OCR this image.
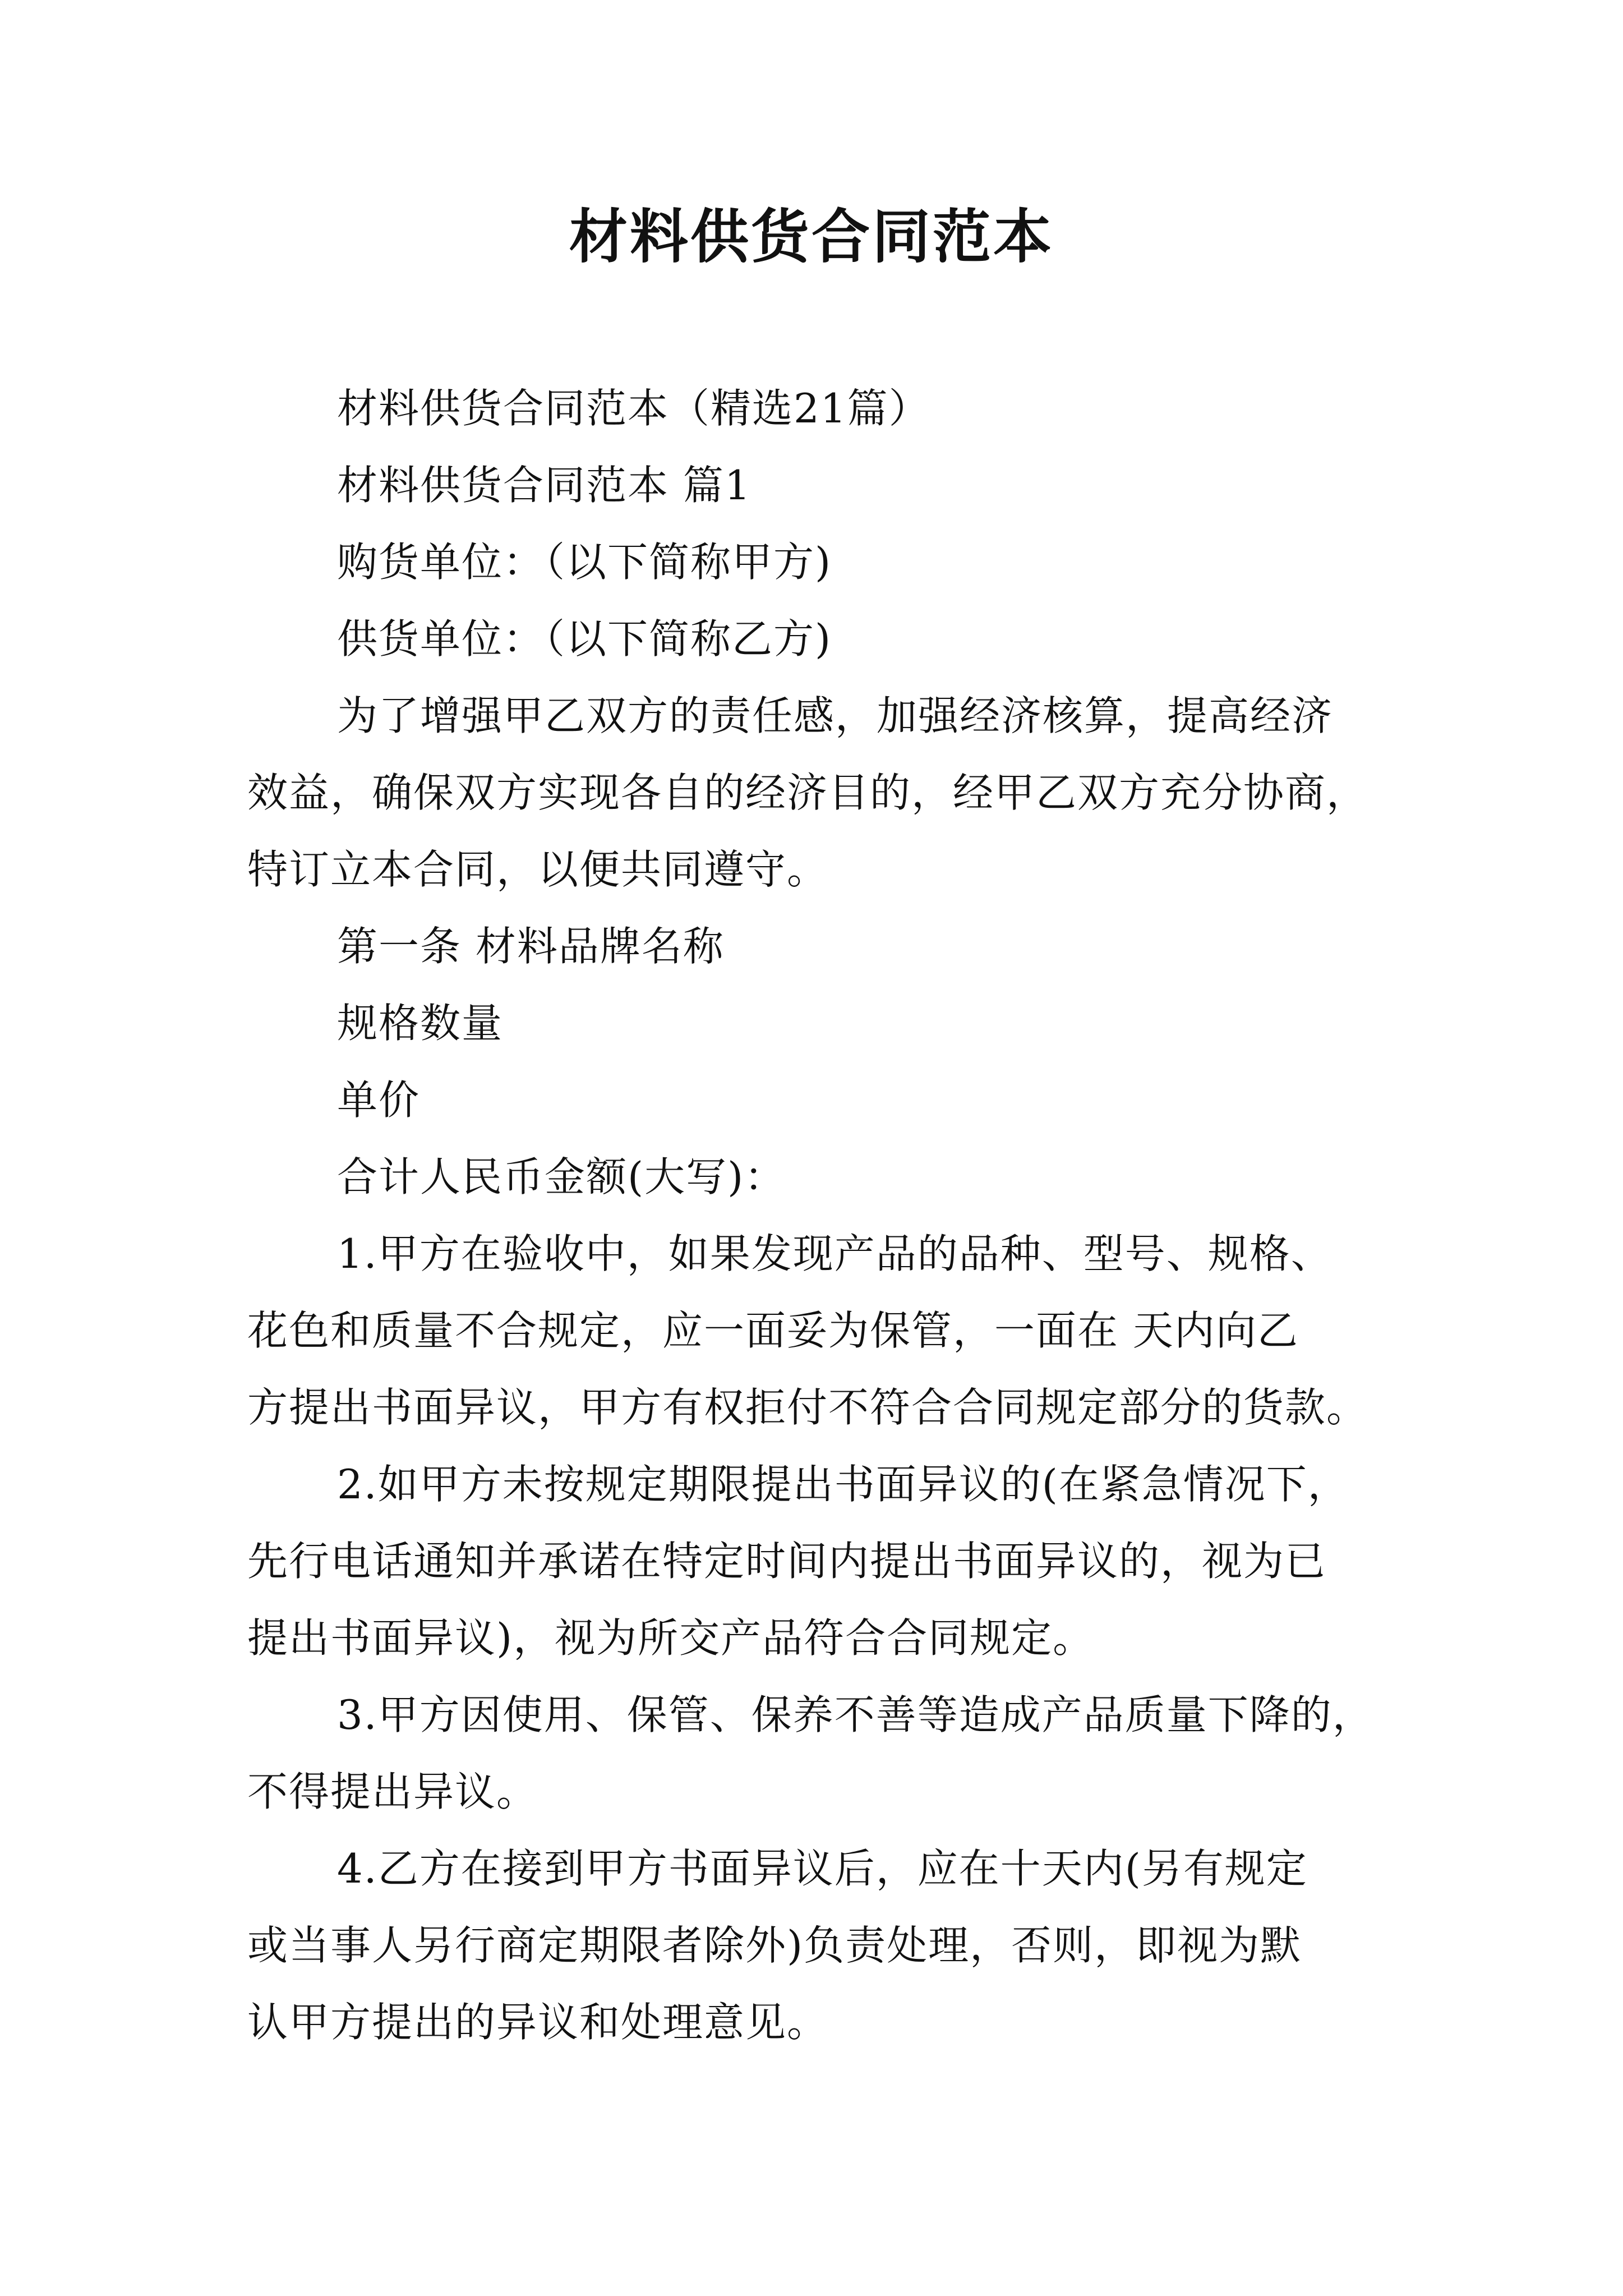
材料供货合同范本

材料供货合同范本（精选21篇）

材料供货合同范本 篇1

购货单位：（以下简称甲方)

供货单位：（以下简称乙方)

为了增强甲乙双方的责任感，加强经济核算，提高经济

效益，确保双方实现各自的经济目的，经甲乙双方充分协商，

特订立本合同，以便共同遵守。

第一条 材料品牌名称

规格数量

单价

合计人民币金额(大写)：

1.甲方在验收中，如果发现产品的品种、型号、规格、

花色和质量不合规定，应一面妥为保管，一面在 天内向乙

方提出书面异议，甲方有权拒付不符合合同规定部分的货款。

2.如甲方未按规定期限提出书面异议的(在紧急情况下，

先行电话通知并承诺在特定时间内提出书面异议的，视为已

提出书面异议)，视为所交产品符合合同规定。

3.甲方因使用、保管、保养不善等造成产品质量下降的，

不得提出异议。

4.乙方在接到甲方书面异议后，应在十天内(另有规定

或当事人另行商定期限者除外)负责处理，否则，即视为默

认甲方提出的异议和处理意见。
